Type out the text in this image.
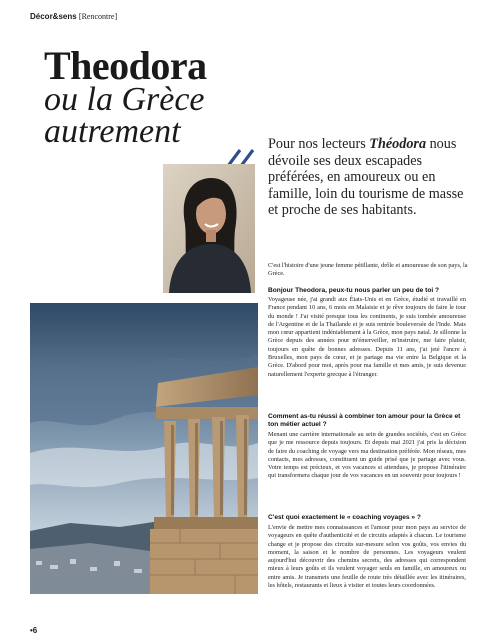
Décor&sens [Rencontre]
Theodora
ou la Grèce
autrement	Pour nos lecteurs Théodora nous dévoile ses deux escapades préférées, en amoureux ou en famille, loin du tourisme de masse et proche de ses habitants.
C'est l'histoire d'une jeune femme pétillante, drôle et amoureuse de son pays, la Grèce.
Bonjour Theodora, peux-tu nous parler un peu de toi ?
Voyageuse née, j'ai grandi aux États-Unis et en Grèce, étudié et travaillé en France pendant 10 ans, 6 mois en Malaisie et je rêve toujours de faire le tour du monde ! J'ai visité presque tous les continents, je suis tombée amoureuse de l'Argentine et de la Thaïlande et je suis rentrée bouleversée de l'Inde. Mais mon cœur appartient indéniablement à la Grèce, mon pays natal. Je sillonne la Grèce depuis des années pour m'émerveiller, m'instruire, me faire plaisir, toujours en quête de bonnes adresses. Depuis 11 ans, j'ai jeté l'ancre à Bruxelles, mon pays de cœur, et je partage ma vie entre la Belgique et la Grèce. D'abord pour moi, après pour ma famille et mes amis, je suis devenue naturellement l'experte grecque à l'étranger.
Comment as-tu réussi à combiner ton amour pour la Grèce et ton métier actuel ?
Menant une carrière internationale au sein de grandes sociétés, c'est en Grèce que je me ressource depuis toujours. Et depuis mai 2021 j'ai pris la décision de faire du coaching de voyage vers ma destination préférée. Mon réseau, mes contacts, mes adresses, constituent un guide prisé que je partage avec vous. Votre temps est précieux, et vos vacances si attendues, je propose l'itinéraire qui transformera chaque jour de vos vacances en un souvenir pour toujours !
C'est quoi exactement le « coaching voyages » ?
L'envie de mettre mes connaissances et l'amour pour mon pays au service de voyageurs en quête d'authenticité et de circuits adaptés à chacun. Le tourisme change et je propose des circuits sur-mesure selon vos goûts, vos envies du moment, la saison et le nombre de personnes. Les voyageurs veulent aujourd'hui découvrir des chemins secrets, des adresses qui correspondent mieux à leurs goûts et ils veulent voyager seuls en famille, en amoureux ou entre amis. Je transmets une feuille de route très détaillée avec les itinéraires, les hôtels, restaurants et lieux à visiter et toutes leurs coordonnées.
•6
